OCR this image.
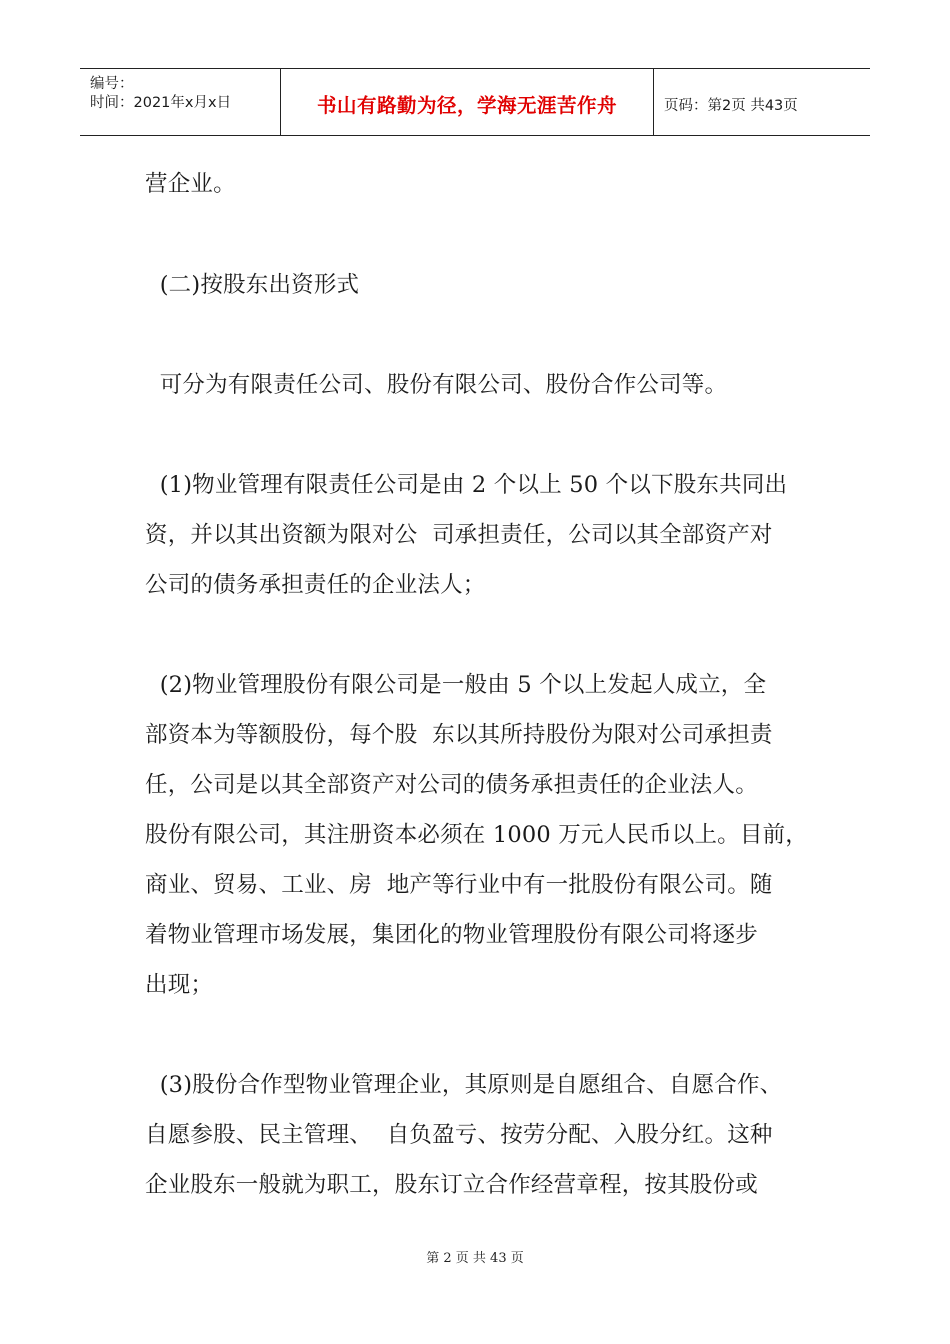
编号：
时间：2021年x月x日	书山有路勤为径，学海无涯苦作舟	页码：第2页 共43页
营企业。
(二)按股东出资形式
可分为有限责任公司、股份有限公司、股份合作公司等。
(1)物业管理有限责任公司是由 2 个以上 50 个以下股东共同出
资，并以其出资额为限对公  司承担责任，公司以其全部资产对
公司的债务承担责任的企业法人；
(2)物业管理股份有限公司是一般由 5 个以上发起人成立，全
部资本为等额股份，每个股  东以其所持股份为限对公司承担责
任，公司是以其全部资产对公司的债务承担责任的企业法人。
股份有限公司，其注册资本必须在 1000 万元人民币以上。目前，
商业、贸易、工业、房  地产等行业中有一批股份有限公司。随
着物业管理市场发展，集团化的物业管理股份有限公司将逐步
出现；
(3)股份合作型物业管理企业，其原则是自愿组合、自愿合作、
自愿参股、民主管理、  自负盈亏、按劳分配、入股分红。这种
企业股东一般就为职工，股东订立合作经营章程，按其股份或
第 2 页 共 43 页
